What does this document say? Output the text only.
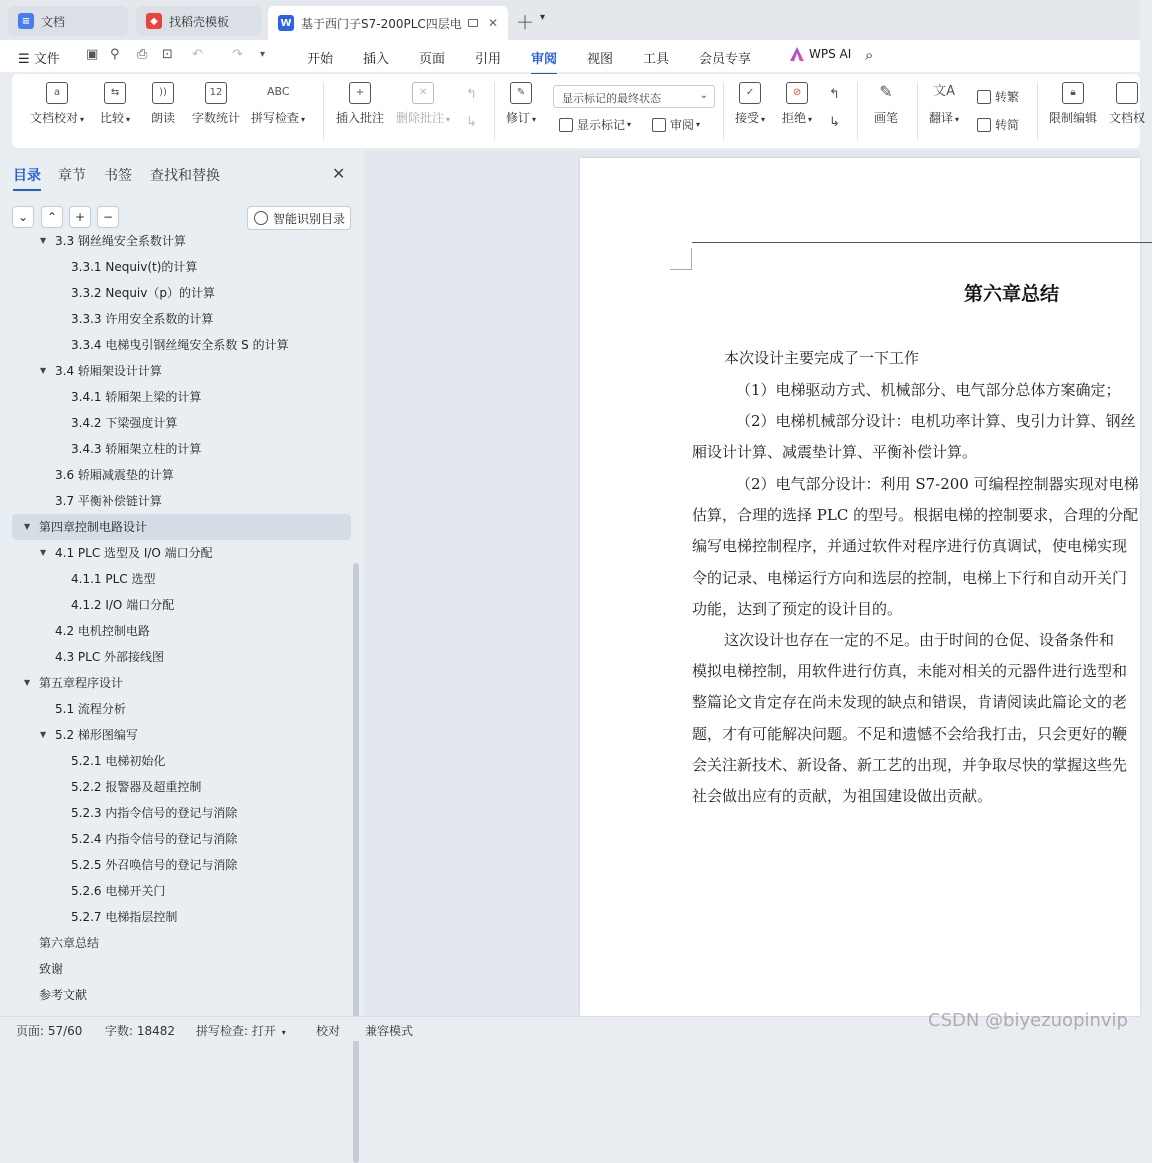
≡ 文档	◆ 找稻壳模板	W 基于西门子S7-200PLC四层电 ✕ ＋ ▾
☰ 文件 ▣ ⚲	⎙ ⊡ ↶ ↷	▾	开始 插入 页面 引用 审阅 视图 工具 会员专享	WPS AI ⌕
a
文档校对 ▾
⇆
比较 ▾
))
朗读
12
字数统计
ABC
拼写检查 ▾
+
插入批注
✕
删除批注 ▾
↰
↳
✎
修订 ▾
显示标记的最终状态	⌄
显示标记 ▾	审阅 ▾
✓
接受 ▾
⊘
拒绝 ▾
↰
↳
✎
画笔
文A
翻译 ▾
转繁
转简
🔒︎
限制编辑 文档权
目录 章节 书签 查找和替换	✕
⌄	⌃	+	−	智能识别目录
▼ 3.3 钢丝绳安全系数计算
3.3.1 Nequiv(t)的计算
3.3.2 Nequiv（p）的计算
3.3.3 许用安全系数的计算
3.3.4 电梯曳引钢丝绳安全系数 S 的计算
▼ 3.4 轿厢架设计计算
3.4.1 轿厢架上梁的计算
3.4.2 下梁强度计算
3.4.3 轿厢架立柱的计算
3.6 轿厢减震垫的计算
3.7 平衡补偿链计算
▼ 第四章控制电路设计
▼ 4.1 PLC 选型及 I/O 端口分配
4.1.1 PLC 选型
4.1.2 I/O 端口分配
4.2 电机控制电路
4.3 PLC 外部接线图
▼ 第五章程序设计
5.1 流程分析
▼ 5.2 梯形图编写
5.2.1 电梯初始化
5.2.2 报警器及超重控制
5.2.3 内指令信号的登记与消除
5.2.4 内指令信号的登记与消除
5.2.5 外召唤信号的登记与消除
5.2.6 电梯开关门
5.2.7 电梯指层控制
第六章总结
致谢
参考文献
第六章总结
本次设计主要完成了一下工作
（1）电梯驱动方式、机械部分、电气部分总体方案确定；
（2）电梯机械部分设计：电机功率计算、曳引力计算、钢丝
厢设计计算、减震垫计算、平衡补偿计算。
（2）电气部分设计：利用 S7-200 可编程控制器实现对电梯
估算，合理的选择 PLC 的型号。根据电梯的控制要求，合理的分配
编写电梯控制程序，并通过软件对程序进行仿真调试，使电梯实现
令的记录、电梯运行方向和选层的控制，电梯上下行和自动开关门
功能，达到了预定的设计目的。
这次设计也存在一定的不足。由于时间的仓促、设备条件和
模拟电梯控制，用软件进行仿真，未能对相关的元器件进行选型和
整篇论文肯定存在尚未发现的缺点和错误，肯请阅读此篇论文的老
题，才有可能解决问题。不足和遗憾不会给我打击，只会更好的鞭
会关注新技术、新设备、新工艺的出现，并争取尽快的掌握这些先
社会做出应有的贡献，为祖国建设做出贡献。
页面: 57/60 字数: 18482 拼写检查: 打开 ▾	校对 兼容模式	CSDN @biyezuopinvip
